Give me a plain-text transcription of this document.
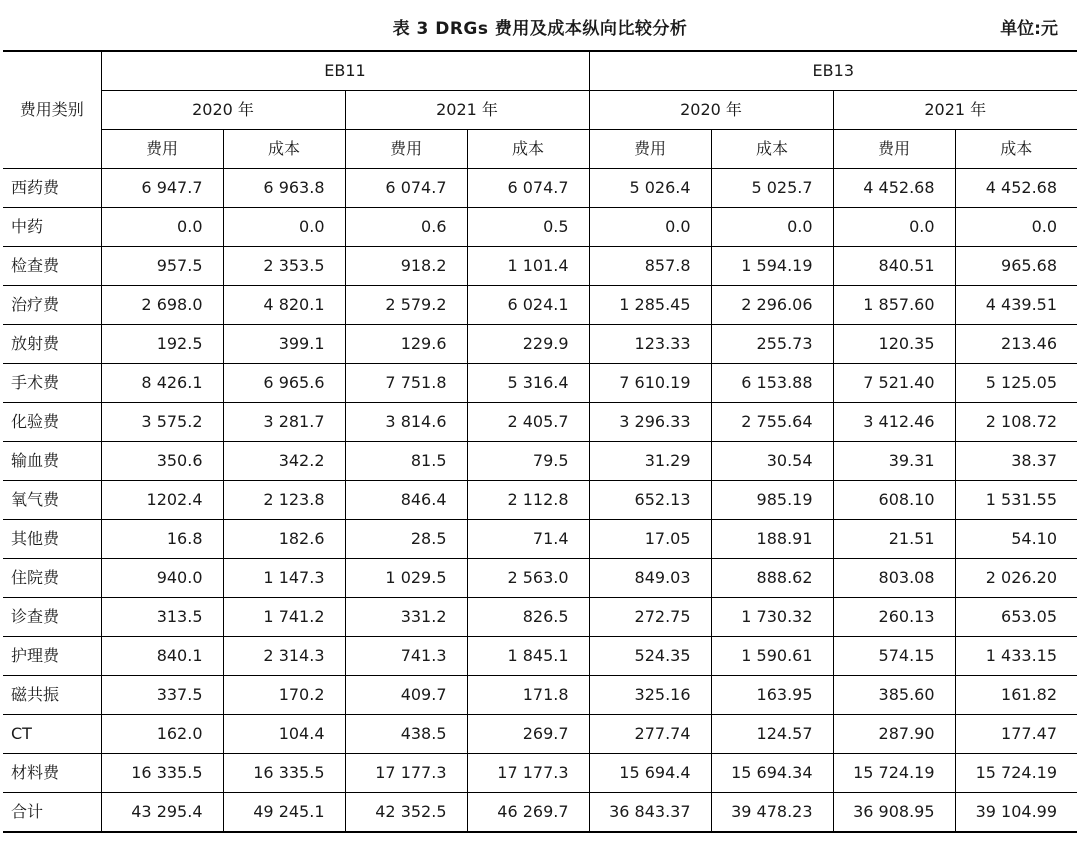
表 3 DRGs 费用及成本纵向比较分析	单位:元
费用类别	EB11				EB13			
	2020 年		2021 年		2020 年		2021 年	
	费用	成本	费用	成本	费用	成本	费用	成本
西药费	6 947.7	6 963.8	6 074.7	6 074.7	5 026.4	5 025.7	4 452.68	4 452.68
中药	0.0	0.0	0.6	0.5	0.0	0.0	0.0	0.0
检查费	957.5	2 353.5	918.2	1 101.4	857.8	1 594.19	840.51	965.68
治疗费	2 698.0	4 820.1	2 579.2	6 024.1	1 285.45	2 296.06	1 857.60	4 439.51
放射费	192.5	399.1	129.6	229.9	123.33	255.73	120.35	213.46
手术费	8 426.1	6 965.6	7 751.8	5 316.4	7 610.19	6 153.88	7 521.40	5 125.05
化验费	3 575.2	3 281.7	3 814.6	2 405.7	3 296.33	2 755.64	3 412.46	2 108.72
输血费	350.6	342.2	81.5	79.5	31.29	30.54	39.31	38.37
氧气费	1202.4	2 123.8	846.4	2 112.8	652.13	985.19	608.10	1 531.55
其他费	16.8	182.6	28.5	71.4	17.05	188.91	21.51	54.10
住院费	940.0	1 147.3	1 029.5	2 563.0	849.03	888.62	803.08	2 026.20
诊查费	313.5	1 741.2	331.2	826.5	272.75	1 730.32	260.13	653.05
护理费	840.1	2 314.3	741.3	1 845.1	524.35	1 590.61	574.15	1 433.15
磁共振	337.5	170.2	409.7	171.8	325.16	163.95	385.60	161.82
CT	162.0	104.4	438.5	269.7	277.74	124.57	287.90	177.47
材料费	16 335.5	16 335.5	17 177.3	17 177.3	15 694.4	15 694.34	15 724.19	15 724.19
合计	43 295.4	49 245.1	42 352.5	46 269.7	36 843.37	39 478.23	36 908.95	39 104.99
